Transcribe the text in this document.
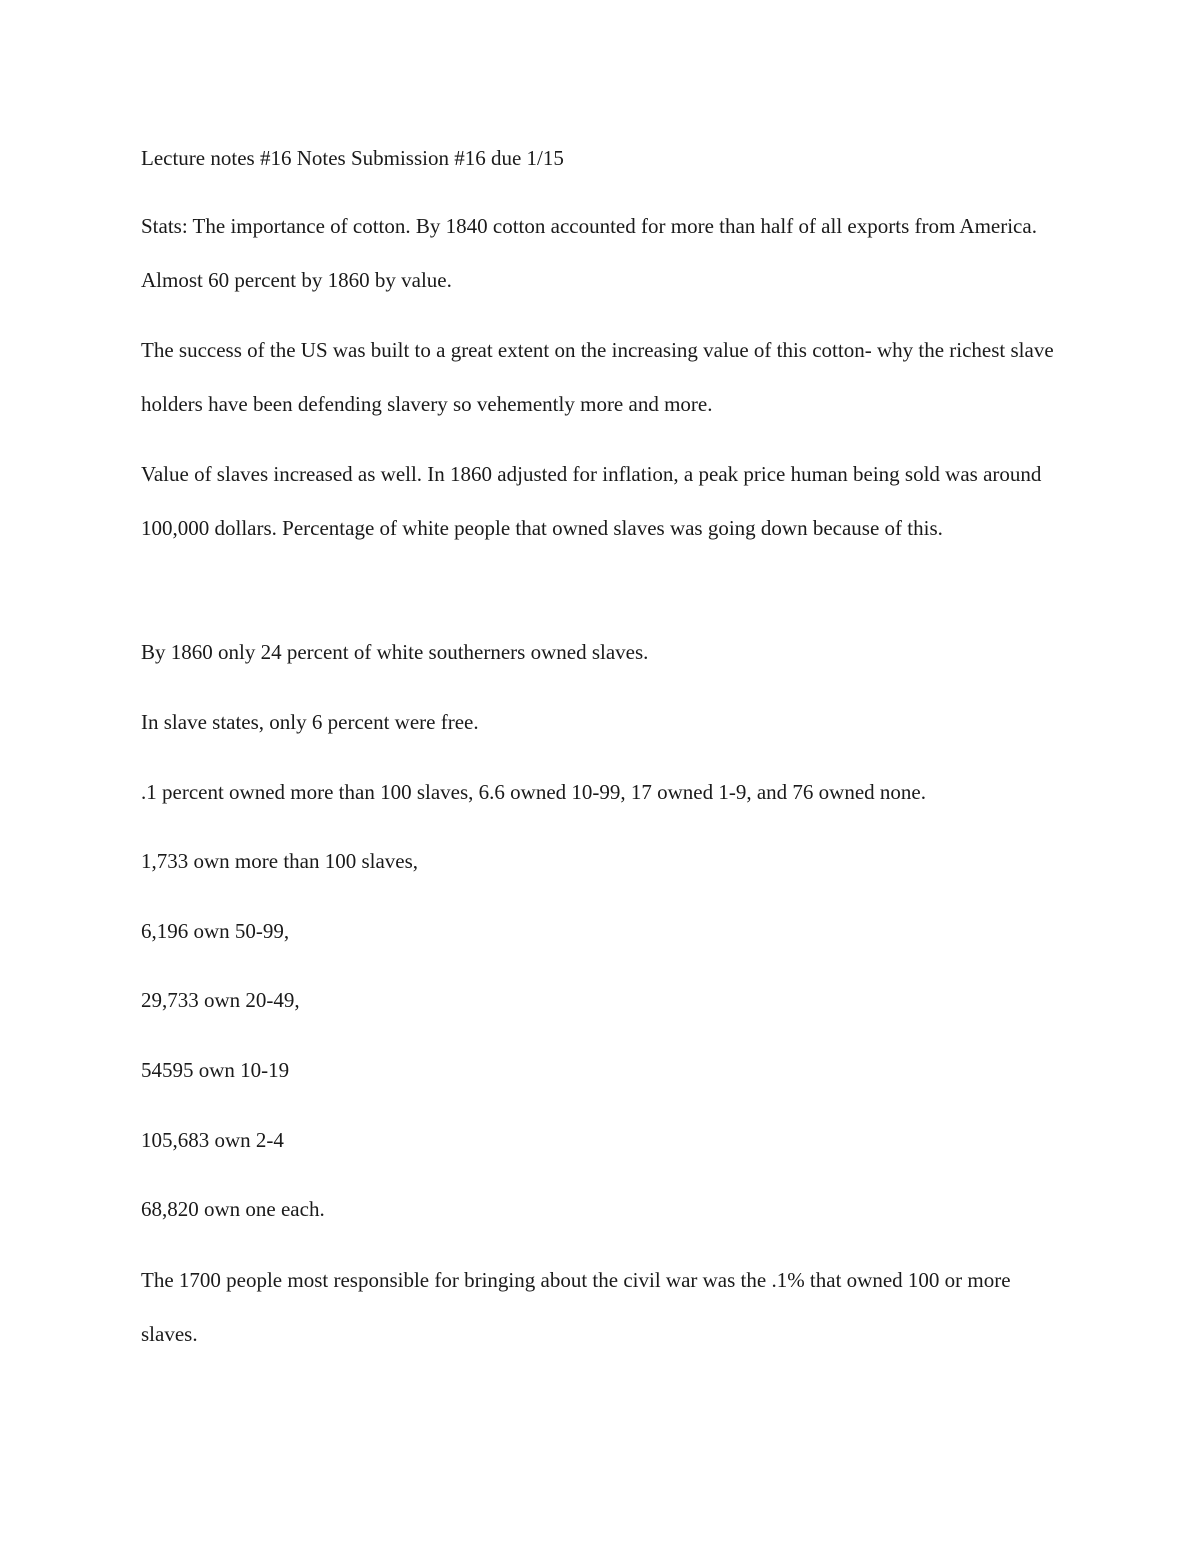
Lecture notes #16 Notes Submission #16 due 1/15

Stats: The importance of cotton. By 1840 cotton accounted for more than half of all exports from America. Almost 60 percent by 1860 by value.

The success of the US was built to a great extent on the increasing value of this cotton- why the richest slave holders have been defending slavery so vehemently more and more.

Value of slaves increased as well. In 1860 adjusted for inflation, a peak price human being sold was around 100,000 dollars. Percentage of white people that owned slaves was going down because of this.

By 1860 only 24 percent of white southerners owned slaves.

In slave states, only 6 percent were free.

.1 percent owned more than 100 slaves, 6.6 owned 10-99, 17 owned 1-9, and 76 owned none.

1,733 own more than 100 slaves,

6,196 own 50-99,

29,733 own 20-49,

54595 own 10-19

105,683 own 2-4

68,820 own one each.

The 1700 people most responsible for bringing about the civil war was the .1% that owned 100 or more slaves.
